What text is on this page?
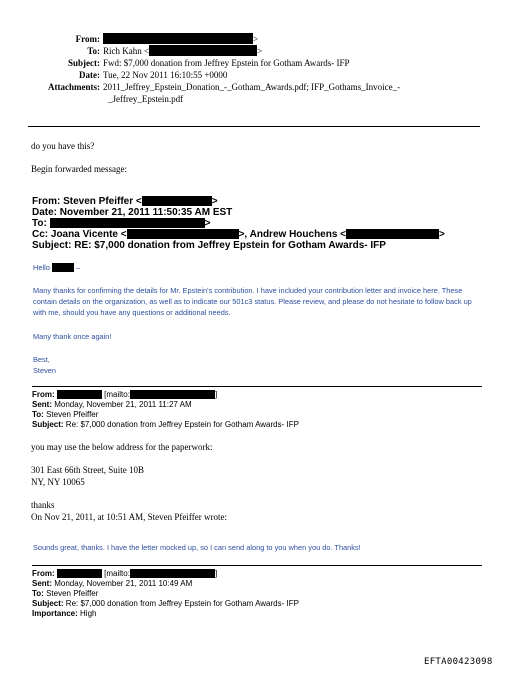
From:	>
To: Rich Kahn <	>
Subject: Fwd: $7,000 donation from Jeffrey Epstein for Gotham Awards- IFP
Date: Tue, 22 Nov 2011 16:10:55 +0000
Attachments: 2011_Jeffrey_Epstein_Donation_-_Gotham_Awards.pdf; IFP_Gothams_Invoice_-
_Jeffrey_Epstein.pdf
do you have this?
Begin forwarded message:
From: Steven Pfeiffer <	>
Date: November 21, 2011 11:50:35 AM EST
To:	>
Cc: Joana Vicente <	>, Andrew Houchens <	>
Subject: RE: $7,000 donation from Jeffrey Epstein for Gotham Awards- IFP
Hello	–
Many thanks for confirming the details for Mr. Epstein's contribution. I have included your contribution letter and invoice here. These contain details on the organization, as well as to indicate our 501c3 status. Please review, and please do not hesitate to follow back up with me, should you have any questions or additional needs.
Many thank once again!
Best,
Steven
From:	[mailto:	]
Sent: Monday, November 21, 2011 11:27 AM
To: Steven Pfeiffer
Subject: Re: $7,000 donation from Jeffrey Epstein for Gotham Awards- IFP
you may use the below address for the paperwork:
301 East 66th Street, Suite 10B
NY, NY 10065
thanks
On Nov 21, 2011, at 10:51 AM, Steven Pfeiffer wrote:
Sounds great, thanks. I have the letter mocked up, so I can send along to you when you do. Thanks!
From:	[mailto:	]
Sent: Monday, November 21, 2011 10:49 AM
To: Steven Pfeiffer
Subject: Re: $7,000 donation from Jeffrey Epstein for Gotham Awards- IFP
Importance: High
EFTA00423098
